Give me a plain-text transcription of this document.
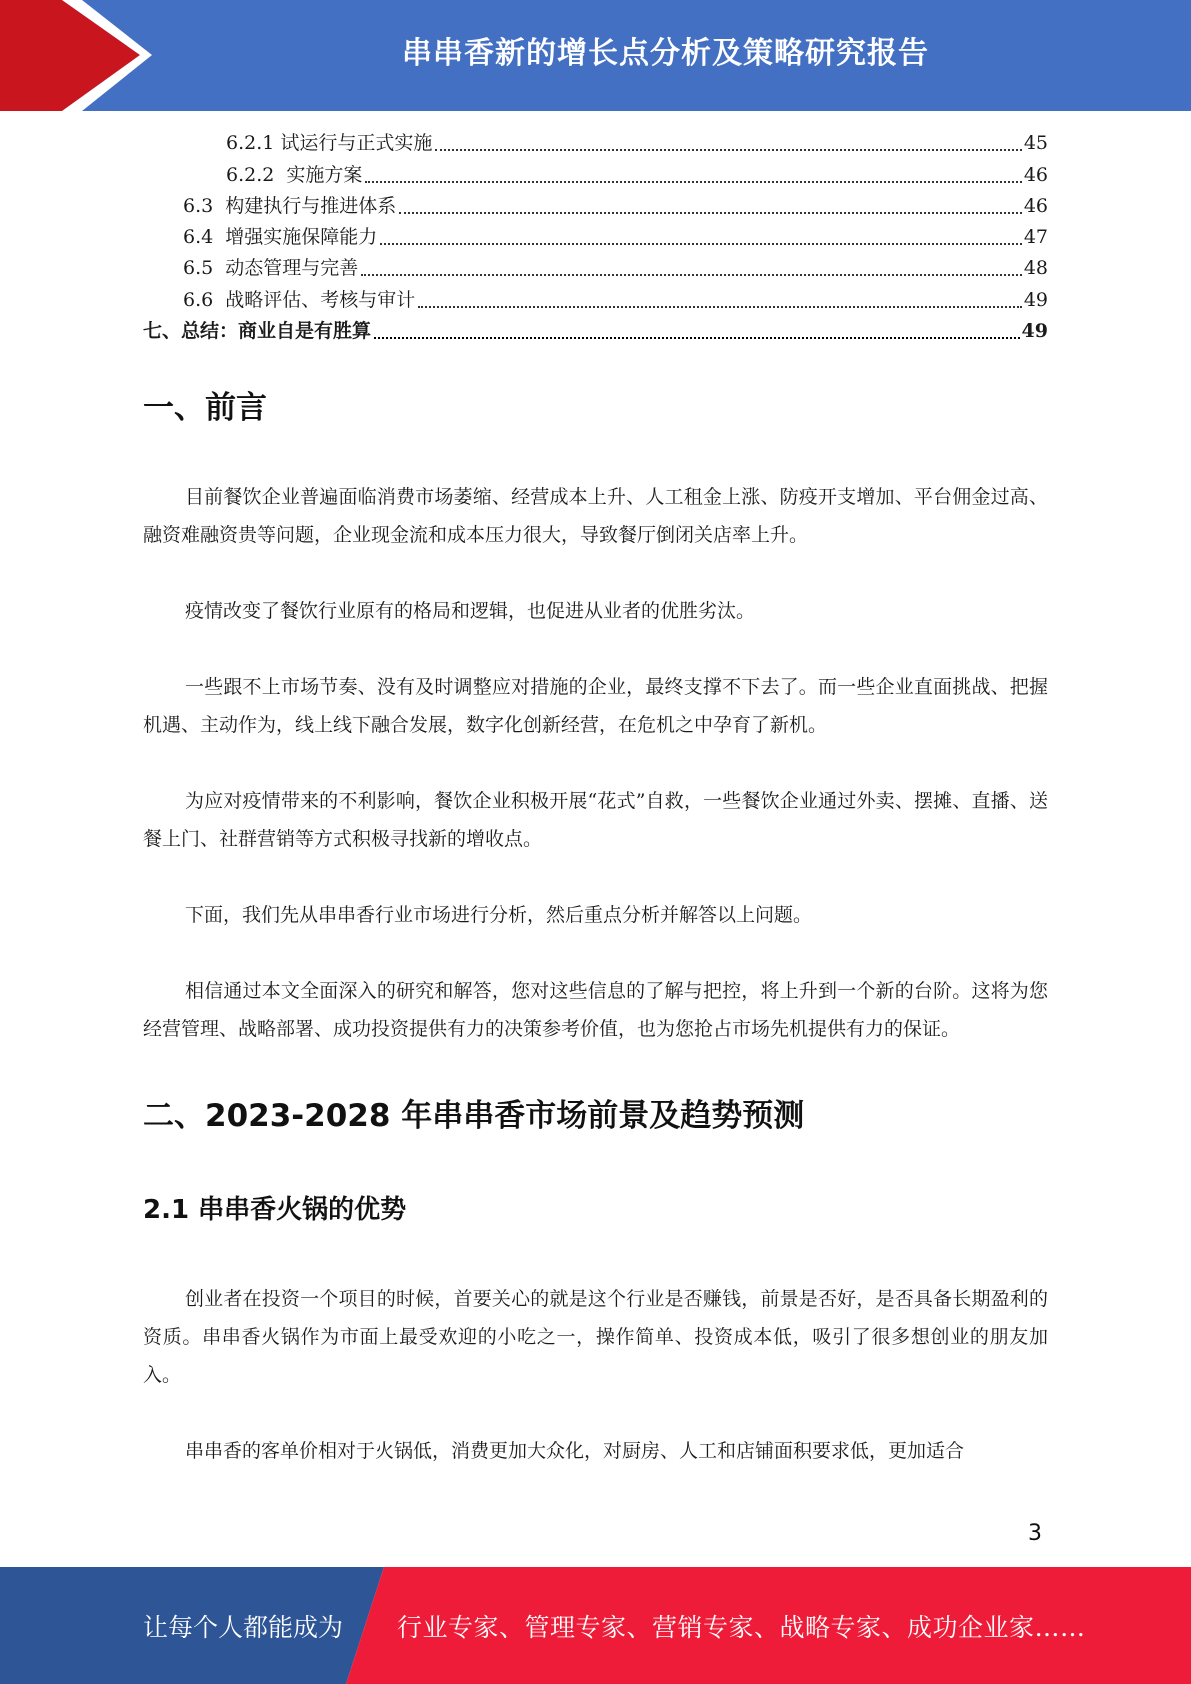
串串香新的增长点分析及策略研究报告
6.2.1 试运行与正式实施	45
6.2.2  实施方案	46
6.3  构建执行与推进体系	46
6.4  增强实施保障能力	47
6.5  动态管理与完善	48
6.6  战略评估、考核与审计	49
七、总结：商业自是有胜算	49
一、前言

目前餐饮企业普遍面临消费市场萎缩、经营成本上升、人工租金上涨、防疫开支增加、平台佣金过高、融资难融资贵等问题，企业现金流和成本压力很大，导致餐厅倒闭关店率上升。

疫情改变了餐饮行业原有的格局和逻辑，也促进从业者的优胜劣汰。

一些跟不上市场节奏、没有及时调整应对措施的企业，最终支撑不下去了。而一些企业直面挑战、把握机遇、主动作为，线上线下融合发展，数字化创新经营，在危机之中孕育了新机。

为应对疫情带来的不利影响，餐饮企业积极开展“花式”自救，一些餐饮企业通过外卖、摆摊、直播、送餐上门、社群营销等方式积极寻找新的增收点。

下面，我们先从串串香行业市场进行分析，然后重点分析并解答以上问题。

相信通过本文全面深入的研究和解答，您对这些信息的了解与把控，将上升到一个新的台阶。这将为您经营管理、战略部署、成功投资提供有力的决策参考价值，也为您抢占市场先机提供有力的保证。

二、2023-2028 年串串香市场前景及趋势预测
2.1 串串香火锅的优势

创业者在投资一个项目的时候，首要关心的就是这个行业是否赚钱，前景是否好，是否具备长期盈利的资质。串串香火锅作为市面上最受欢迎的小吃之一，操作简单、投资成本低，吸引了很多想创业的朋友加入。

串串香的客单价相对于火锅低，消费更加大众化，对厨房、人工和店铺面积要求低，更加适合

3
让每个人都能成为 行业专家、管理专家、营销专家、战略专家、成功企业家……
